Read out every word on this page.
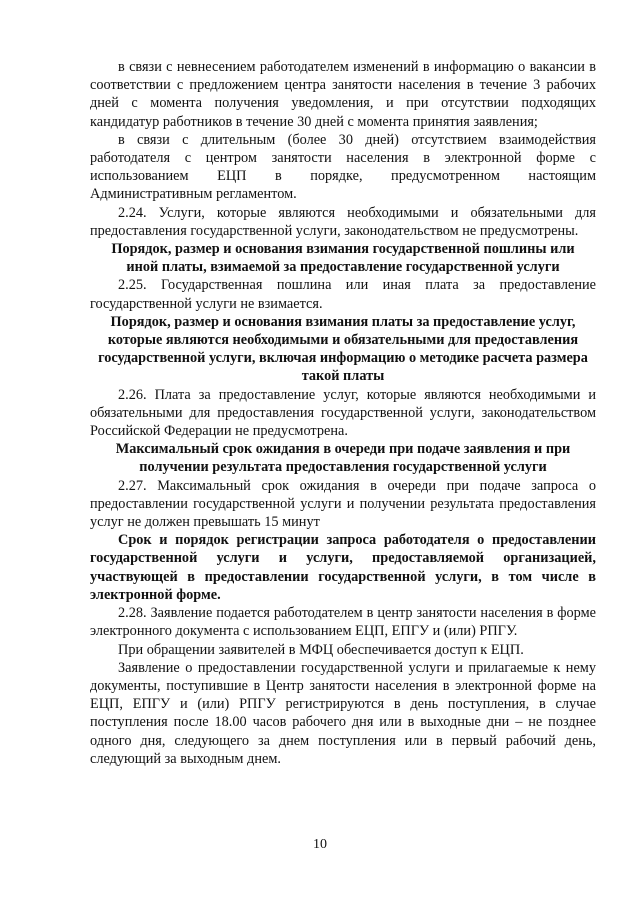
в связи с невнесением работодателем изменений в информацию о вакансии в соответствии с предложением центра занятости населения в течение 3 рабочих дней с момента получения уведомления, и при отсутствии подходящих кандидатур работников в течение 30 дней с момента принятия заявления;

в связи с длительным (более 30 дней) отсутствием взаимодействия работодателя с центром занятости населения в электронной форме с использованием ЕЦП в порядке, предусмотренном настоящим Административным регламентом.

2.24. Услуги, которые являются необходимыми и обязательными для предоставления государственной услуги, законодательством не предусмотрены.

Порядок, размер и основания взимания государственной пошлины или иной платы, взимаемой за предоставление государственной услуги

2.25. Государственная пошлина или иная плата за предоставление государственной услуги не взимается.

Порядок, размер и основания взимания платы за предоставление услуг, которые являются необходимыми и обязательными для предоставления государственной услуги, включая информацию о методике расчета размера такой платы

2.26. Плата за предоставление услуг, которые являются необходимыми и обязательными для предоставления государственной услуги, законодательством Российской Федерации не предусмотрена.

Максимальный срок ожидания в очереди при подаче заявления и при получении результата предоставления государственной услуги

2.27. Максимальный срок ожидания в очереди при подаче запроса о предоставлении государственной услуги и получении результата предоставления услуг не должен превышать 15 минут

Срок и порядок регистрации запроса работодателя о предоставлении государственной услуги и услуги, предоставляемой организацией, участвующей в предоставлении государственной услуги, в том числе в электронной форме.

2.28. Заявление подается работодателем в центр занятости населения в форме электронного документа с использованием ЕЦП, ЕПГУ и (или) РПГУ.

При обращении заявителей в МФЦ обеспечивается доступ к ЕЦП.

Заявление о предоставлении государственной услуги и прилагаемые к нему документы, поступившие в Центр занятости населения в электронной форме на ЕЦП, ЕПГУ и (или) РПГУ регистрируются в день поступления, в случае поступления после 18.00 часов рабочего дня или в выходные дни – не позднее одного дня, следующего за днем поступления или в первый рабочий день, следующий за выходным днем.

10
